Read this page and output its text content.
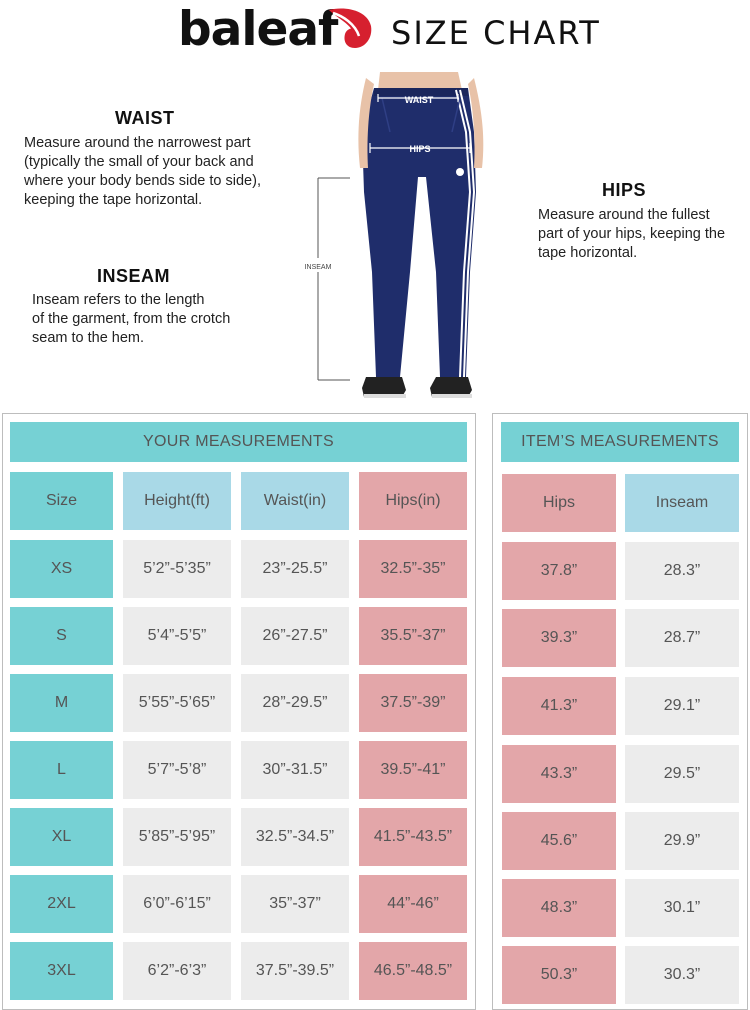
baleaf SIZE CHART
WAIST
Measure around the narrowest part
(typically the small of your back and
where your body bends side to side),
keeping the tape horizontal.
INSEAM
Inseam refers to the length
of the garment, from the crotch
seam to the hem.
HIPS
Measure around the fullest
part of your hips, keeping the
tape horizontal.
WAIST
HIPS
INSEAM
YOUR MEASUREMENTS
Size	Height(ft)	Waist(in)	Hips(in)
XS	5’2”-5’35”	23”-25.5”	32.5”-35”
S	5’4”-5’5”	26”-27.5”	35.5”-37”
M	5’55”-5’65”	28”-29.5”	37.5”-39”
L	5’7”-5’8”	30”-31.5”	39.5”-41”
XL	5’85”-5’95”	32.5”-34.5”	41.5”-43.5”
2XL	6’0”-6’15”	35”-37”	44”-46”
3XL	6’2”-6’3”	37.5”-39.5”	46.5”-48.5”
ITEM’S MEASUREMENTS
Hips	Inseam
37.8”	28.3”
39.3”	28.7”
41.3”	29.1”
43.3”	29.5”
45.6”	29.9”
48.3”	30.1”
50.3”	30.3”
